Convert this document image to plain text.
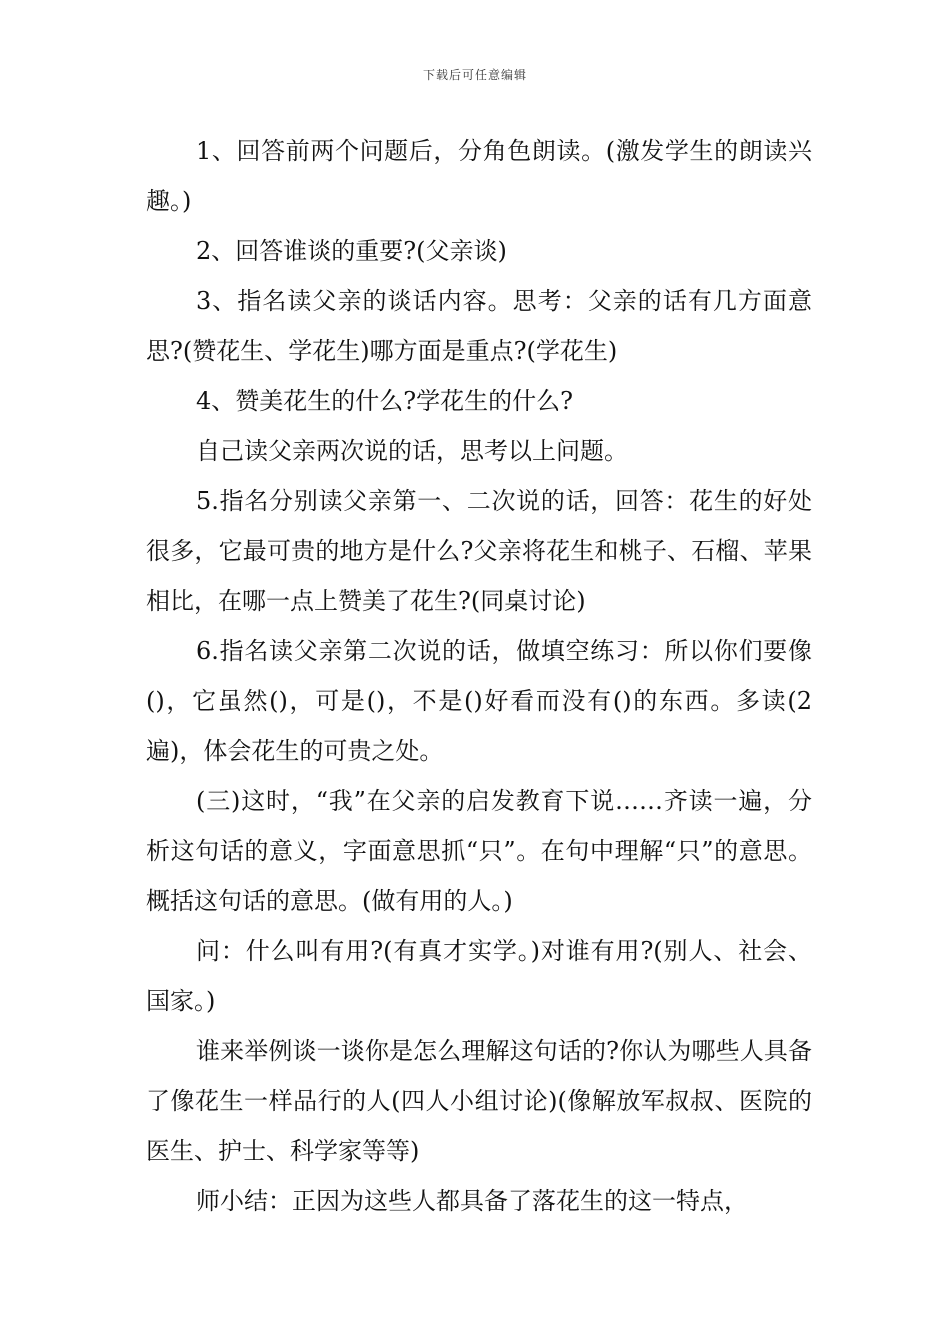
下载后可任意编辑

1、回答前两个问题后，分角色朗读。(激发学生的朗读兴趣。)

2、回答谁谈的重要?(父亲谈)

3、指名读父亲的谈话内容。思考：父亲的话有几方面意思?(赞花生、学花生)哪方面是重点?(学花生)

4、赞美花生的什么?学花生的什么?

自己读父亲两次说的话，思考以上问题。

5.指名分别读父亲第一、二次说的话，回答：花生的好处很多，它最可贵的地方是什么?父亲将花生和桃子、石榴、苹果相比，在哪一点上赞美了花生?(同桌讨论)

6.指名读父亲第二次说的话，做填空练习：所以你们要像()，它虽然()，可是()，不是()好看而没有()的东西。多读(2遍)，体会花生的可贵之处。

(三)这时，“我”在父亲的启发教育下说……齐读一遍，分析这句话的意义，字面意思抓“只”。在句中理解“只”的意思。概括这句话的意思。(做有用的人。)

问：什么叫有用?(有真才实学。)对谁有用?(别人、社会、国家。)

谁来举例谈一谈你是怎么理解这句话的?你认为哪些人具备了像花生一样品行的人(四人小组讨论)(像解放军叔叔、医院的医生、护士、科学家等等)

师小结：正因为这些人都具备了落花生的这一特点，
